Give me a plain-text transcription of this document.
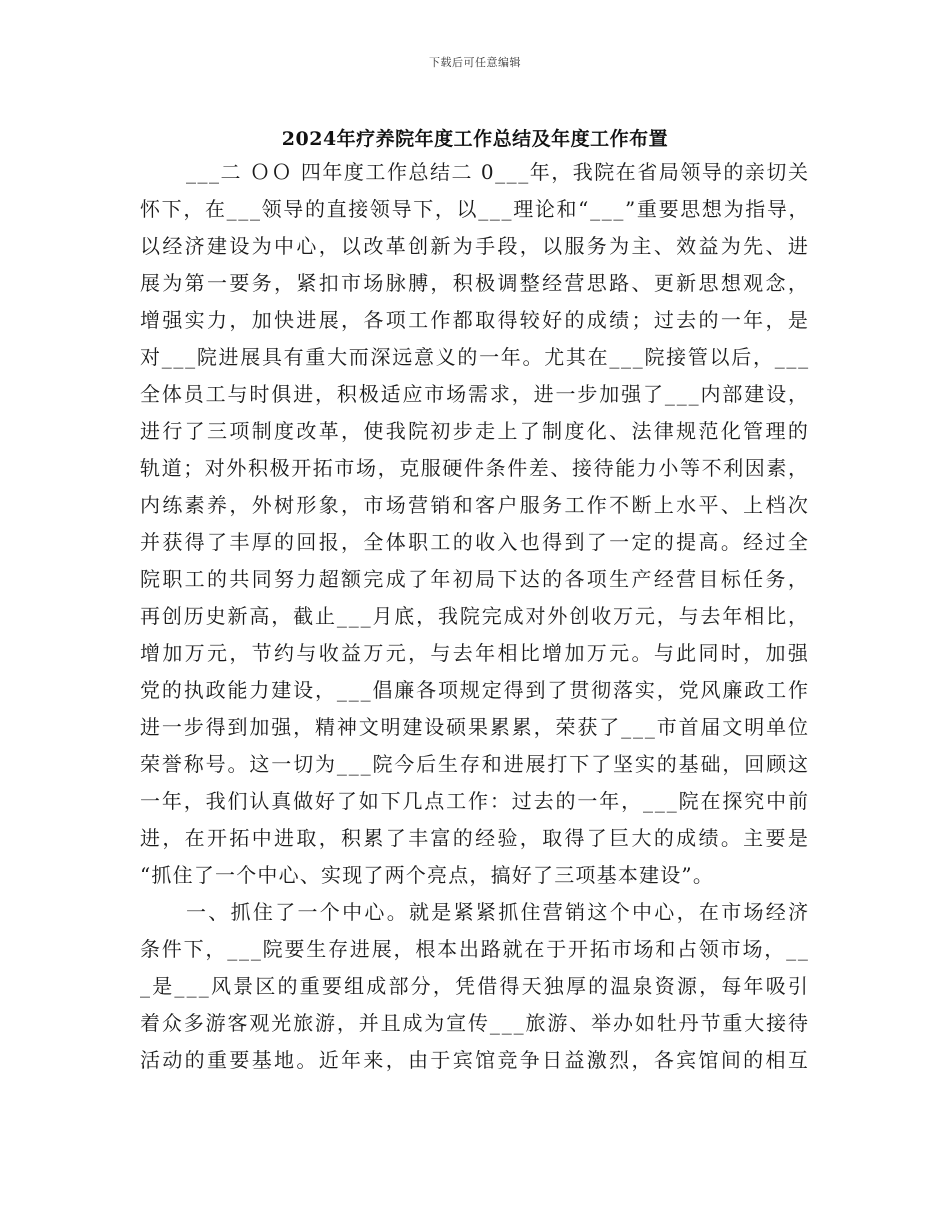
下载后可任意编辑
2024年疗养院年度工作总结及年度工作布置
___二 ＯＯ 四年度工作总结二 0___年，我院在省局领导的亲切关
怀下，在___领导的直接领导下，以___理论和“___”重要思想为指导，
以经济建设为中心，以改革创新为手段，以服务为主、效益为先、进
展为第一要务，紧扣市场脉膊，积极调整经营思路、更新思想观念，
增强实力，加快进展，各项工作都取得较好的成绩；过去的一年，是
对___院进展具有重大而深远意义的一年。尤其在___院接管以后，___
全体员工与时俱进，积极适应市场需求，进一步加强了___内部建设，
进行了三项制度改革，使我院初步走上了制度化、法律规范化管理的
轨道；对外积极开拓市场，克服硬件条件差、接待能力小等不利因素，
内练素养，外树形象，市场营销和客户服务工作不断上水平、上档次
并获得了丰厚的回报，全体职工的收入也得到了一定的提高。经过全
院职工的共同努力超额完成了年初局下达的各项生产经营目标任务，
再创历史新高，截止___月底，我院完成对外创收万元，与去年相比，
增加万元，节约与收益万元，与去年相比增加万元。与此同时，加强
党的执政能力建设，___倡廉各项规定得到了贯彻落实，党风廉政工作
进一步得到加强，精神文明建设硕果累累，荣获了___市首届文明单位
荣誉称号。这一切为___院今后生存和进展打下了坚实的基础，回顾这
一年，我们认真做好了如下几点工作：过去的一年，___院在探究中前
进，在开拓中进取，积累了丰富的经验，取得了巨大的成绩。主要是
“抓住了一个中心、实现了两个亮点，搞好了三项基本建设”。
一、抓住了一个中心。就是紧紧抓住营销这个中心，在市场经济
条件下，___院要生存进展，根本出路就在于开拓市场和占领市场，__
_是___风景区的重要组成部分，凭借得天独厚的温泉资源，每年吸引
着众多游客观光旅游，并且成为宣传___旅游、举办如牡丹节重大接待
活动的重要基地。近年来，由于宾馆竞争日益激烈，各宾馆间的相互
